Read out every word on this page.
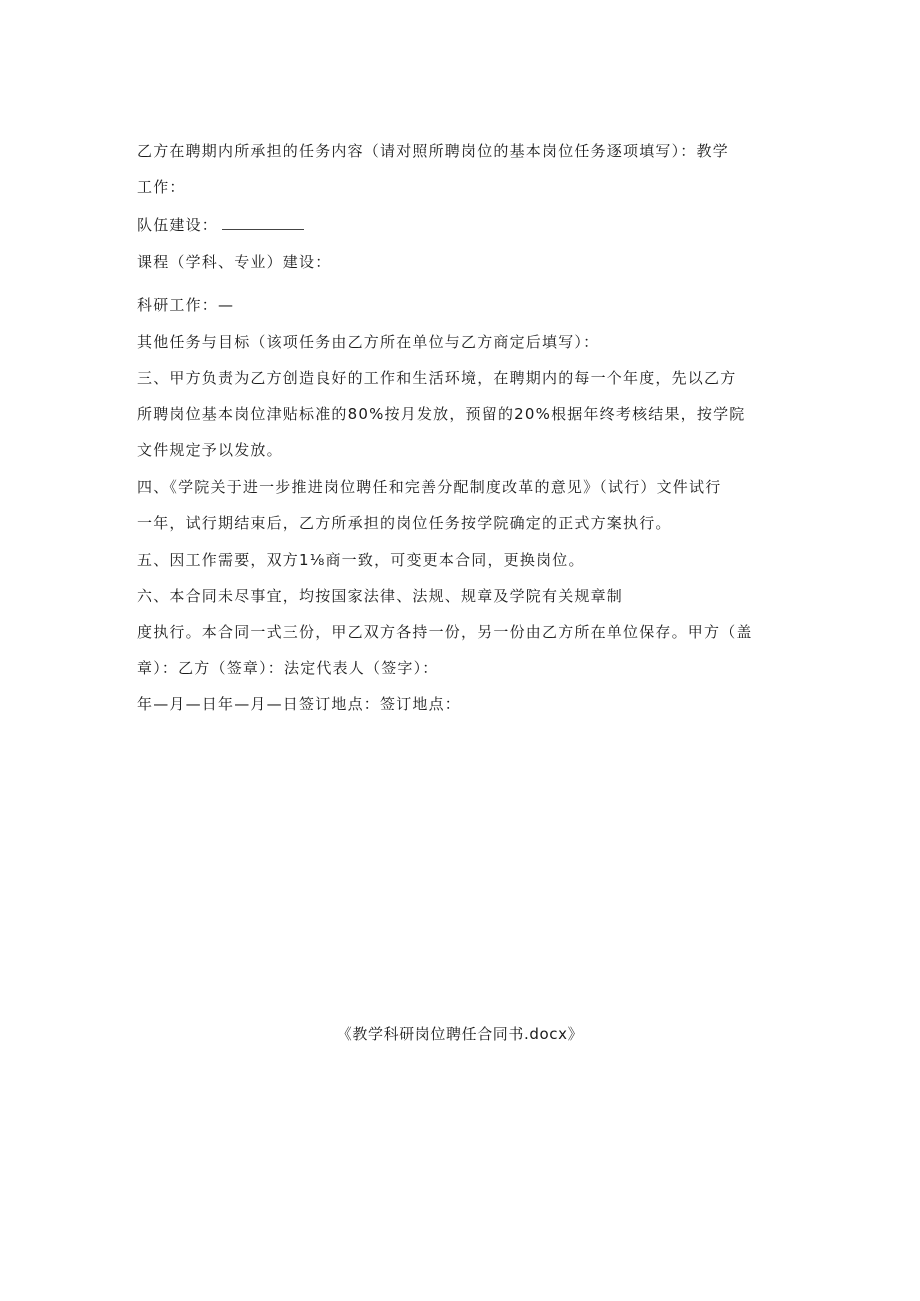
乙方在聘期内所承担的任务内容（请对照所聘岗位的基本岗位任务逐项填写）：教学
工作：
队伍建设：
课程（学科、专业）建设：
科研工作：—
其他任务与目标（该项任务由乙方所在单位与乙方商定后填写）：
三、甲方负责为乙方创造良好的工作和生活环境，在聘期内的每一个年度，先以乙方
所聘岗位基本岗位津贴标准的80%按月发放，预留的20%根据年终考核结果，按学院
文件规定予以发放。
四、《学院关于进一步推进岗位聘任和完善分配制度改革的意见》（试行）文件试行
一年，试行期结束后，乙方所承担的岗位任务按学院确定的正式方案执行。
五、因工作需要，双方1⅛商一致，可变更本合同，更换岗位。
六、本合同未尽事宜，均按国家法律、法规、规章及学院有关规章制
度执行。本合同一式三份，甲乙双方各持一份，另一份由乙方所在单位保存。甲方（盖
章）：乙方（签章）：法定代表人（签字）：
年—月—日年—月—日签订地点：签订地点：
《教学科研岗位聘任合同书.docx》
